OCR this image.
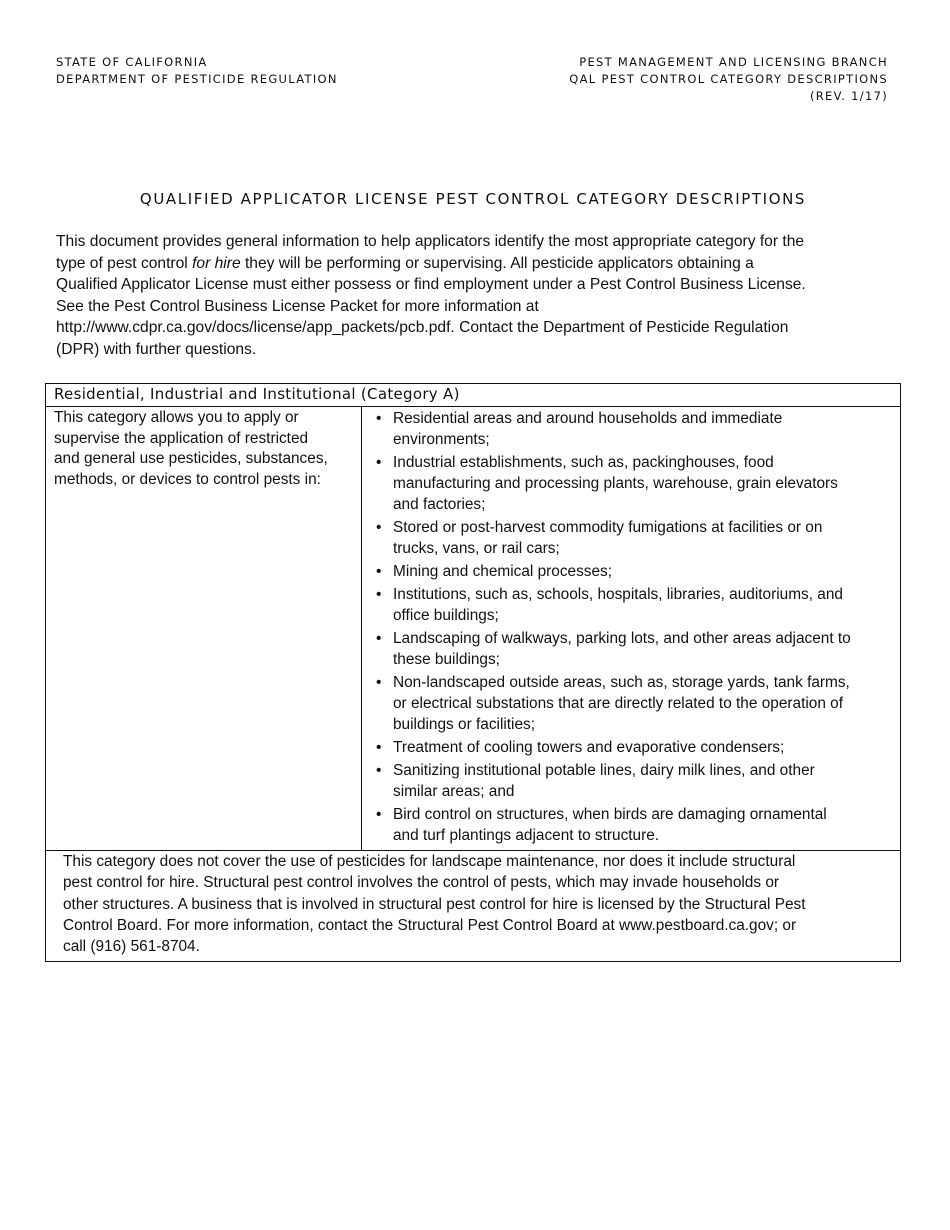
STATE OF CALIFORNIA
DEPARTMENT OF PESTICIDE REGULATION
PEST MANAGEMENT AND LICENSING BRANCH
QAL PEST CONTROL CATEGORY DESCRIPTIONS
(REV. 1/17)
QUALIFIED APPLICATOR LICENSE PEST CONTROL CATEGORY DESCRIPTIONS

This document provides general information to help applicators identify the most appropriate category for the

type of pest control for hire they will be performing or supervising. All pesticide applicators obtaining a

Qualified Applicator License must either possess or find employment under a Pest Control Business License.

See the Pest Control Business License Packet for more information at

http://www.cdpr.ca.gov/docs/license/app_packets/pcb.pdf. Contact the Department of Pesticide Regulation

(DPR) with further questions.

Residential, Industrial and Institutional (Category A)

This category allows you to apply or
supervise the application of restricted
and general use pesticides, substances,
methods, or devices to control pests in:

• Residential areas and around households and immediate
environments;
• Industrial establishments, such as, packinghouses, food
manufacturing and processing plants, warehouse, grain elevators
and factories;
• Stored or post-harvest commodity fumigations at facilities or on
trucks, vans, or rail cars;
• Mining and chemical processes;
• Institutions, such as, schools, hospitals, libraries, auditoriums, and
office buildings;
• Landscaping of walkways, parking lots, and other areas adjacent to
these buildings;
• Non-landscaped outside areas, such as, storage yards, tank farms,
or electrical substations that are directly related to the operation of
buildings or facilities;
• Treatment of cooling towers and evaporative condensers;
• Sanitizing institutional potable lines, dairy milk lines, and other
similar areas; and
• Bird control on structures, when birds are damaging ornamental
and turf plantings adjacent to structure.

This category does not cover the use of pesticides for landscape maintenance, nor does it include structural
pest control for hire. Structural pest control involves the control of pests, which may invade households or
other structures. A business that is involved in structural pest control for hire is licensed by the Structural Pest
Control Board. For more information, contact the Structural Pest Control Board at www.pestboard.ca.gov; or
call (916) 561-8704.
